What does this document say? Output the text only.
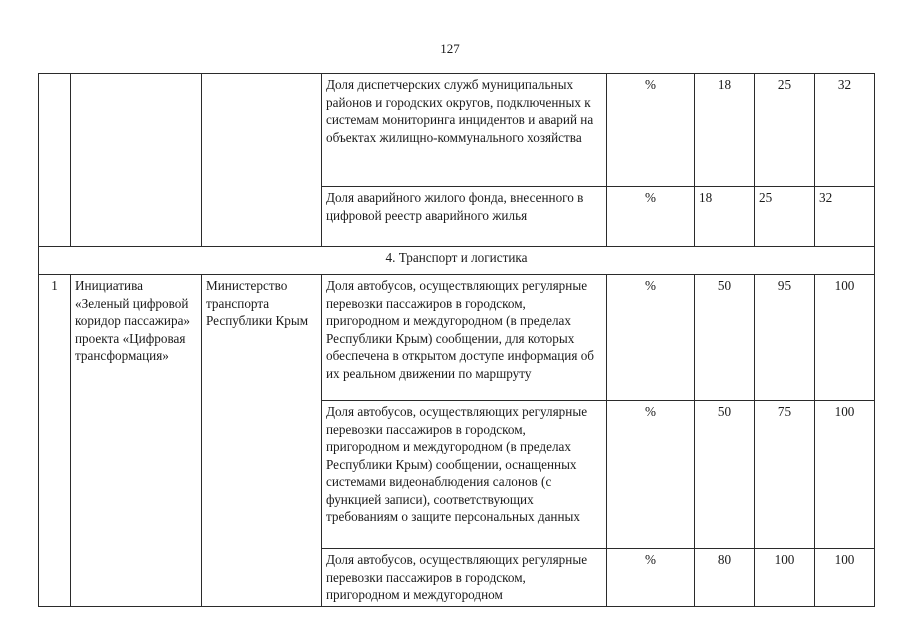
127

			Доля диспетчерских служб муниципальных районов и городских округов, подключенных к системам мониторинга инцидентов и аварий на объектах жилищно-коммунального хозяйства	%	18	25	32

			Доля аварийного жилого фонда, внесенного в цифровой реестр аварийного жилья	%	18	25	32
4. Транспорт и логистика							
1	Инициатива «Зеленый цифровой коридор пассажира» проекта «Цифровая трансформация»	Министерство транспорта Республики Крым	Доля автобусов, осуществляющих регулярные перевозки пассажиров в городском, пригородном и междугородном (в пределах Республики Крым) сообщении, для которых обеспечена в открытом доступе информация об их реальном движении по маршруту	%	50	95	100

			Доля автобусов, осуществляющих регулярные перевозки пассажиров в городском, пригородном и междугородном (в пределах Республики Крым) сообщении, оснащенных системами видеонаблюдения салонов (с функцией записи), соответствующих требованиям о защите персональных данных	%	50	75	100

			Доля автобусов, осуществляющих регулярные перевозки пассажиров в городском, пригородном и междугородном	%	80	100	100
